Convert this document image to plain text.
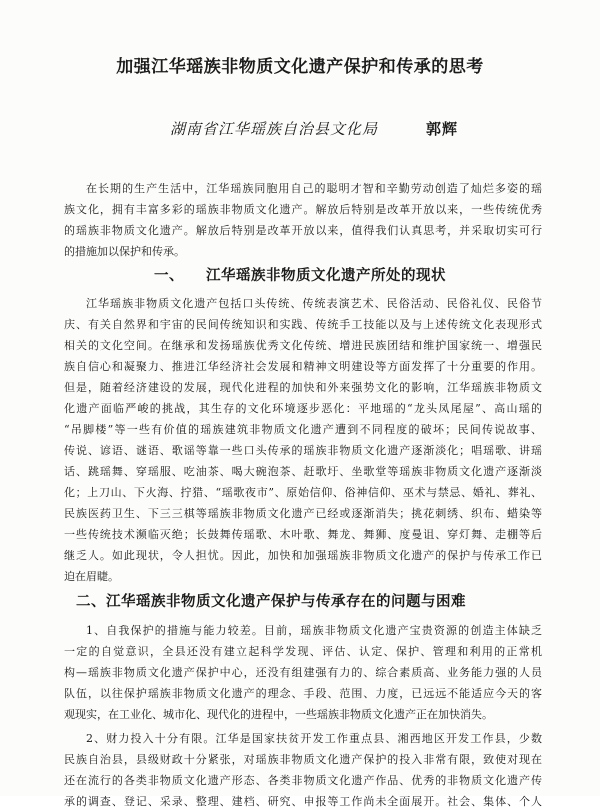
加强江华瑶族非物质文化遗产保护和传承的思考
湖南省江华瑶族自治县文化局	郭辉
在长期的生产生活中，江华瑶族同胞用自己的聪明才智和辛勤劳动创造了灿烂多姿的瑶
族文化，拥有丰富多彩的瑶族非物质文化遗产。解放后特别是改革开放以来，一些传统优秀
的瑶族非物质文化遗产。解放后特别是改革开放以来，值得我们认真思考，并采取切实可行
的措施加以保护和传承。
一、 江华瑶族非物质文化遗产所处的现状
江华瑶族非物质文化遗产包括口头传统、传统表演艺术、民俗活动、民俗礼仪、民俗节
庆、有关自然界和宇宙的民间传统知识和实践、传统手工技能以及与上述传统文化表现形式
相关的文化空间。在继承和发扬瑶族优秀文化传统、增进民族团结和维护国家统一、增强民
族自信心和凝聚力、推进江华经济社会发展和精神文明建设等方面发挥了十分重要的作用。
但是，随着经济建设的发展，现代化进程的加快和外来强势文化的影响，江华瑶族非物质文
化遗产面临严峻的挑战，其生存的文化环境逐步恶化：平地瑶的“龙头凤尾屋”、高山瑶的
“吊脚楼”等一些有价值的瑶族建筑非物质文化遗产遭到不同程度的破坏；民间传说故事、
传说、谚语、谜语、歌谣等靠一些口头传承的瑶族非物质文化遗产逐渐淡化；唱瑶歌、讲瑶
话、跳瑶舞、穿瑶服、吃油茶、喝大碗泡茶、赶歌圩、坐歌堂等瑶族非物质文化遗产逐渐淡
化；上刀山、下火海、拧猎、“瑶歌夜市”、原始信仰、俗神信仰、巫术与禁忌、婚礼、葬礼、
民族医药卫生、下三三棋等瑶族非物质文化遗产已经或逐渐消失；挑花刺绣、织布、蜡染等
一些传统技术濒临灭绝；长鼓舞传瑶歌、木叶歌、舞龙、舞狮、度曼诅、穿灯舞、走棚等后
继乏人。如此现状，令人担忧。因此，加快和加强瑶族非物质文化遗产的保护与传承工作已
迫在眉睫。
二、江华瑶族非物质文化遗产保护与传承存在的问题与困难
1、自我保护的措施与能力较差。目前，瑶族非物质文化遗产宝贵资源的创造主体缺乏
一定的自觉意识，全县还没有建立起科学发现、评估、认定、保护、管理和利用的正常机
构—瑶族非物质文化遗产保护中心，还没有组建强有力的、综合素质高、业务能力强的人员
队伍，以往保护瑶族非物质文化遗产的理念、手段、范围、力度，已远远不能适应今天的客
观现实，在工业化、城市化、现代化的进程中，一些瑶族非物质文化遗产正在加快消失。
2、财力投入十分有限。江华是国家扶贫开发工作重点县、湘西地区开发工作县，少数
民族自治县，县级财政十分紧张，对瑶族非物质文化遗产保护的投入非常有限，致使对现在
还在流行的各类非物质文化遗产形态、各类非物质文化遗产作品、优秀的非物质文化遗产传
承的调查、登记、采录、整理、建档、研究、申报等工作尚未全面展开。社会、集体、个人
